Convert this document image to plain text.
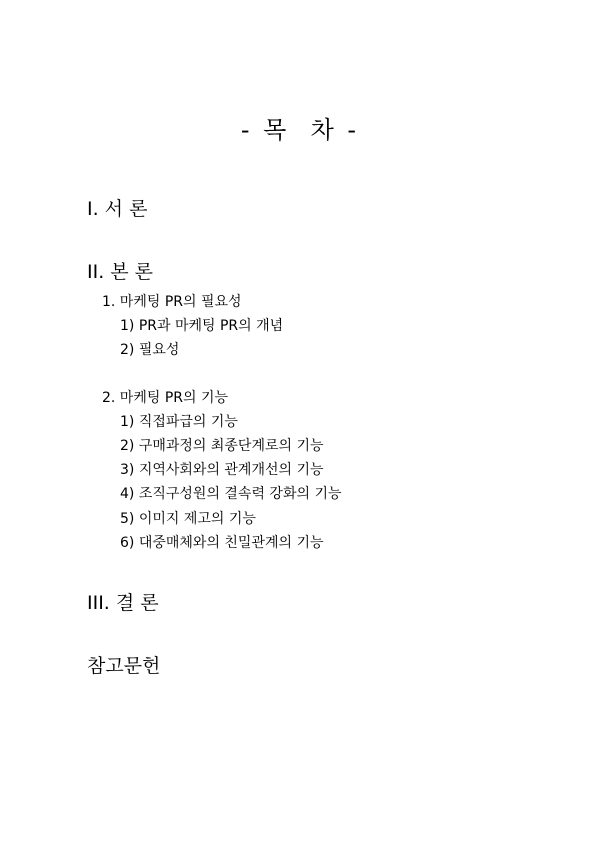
- 목  차 -
I. 서 론
II. 본 론
1. 마케팅 PR의 필요성
1) PR과 마케팅 PR의 개념
2) 필요성
2. 마케팅 PR의 기능
1) 직접파급의 기능
2) 구매과정의 최종단계로의 기능
3) 지역사회와의 관계개선의 기능
4) 조직구성원의 결속력 강화의 기능
5) 이미지 제고의 기능
6) 대중매체와의 친밀관계의 기능
III. 결 론
참고문헌
